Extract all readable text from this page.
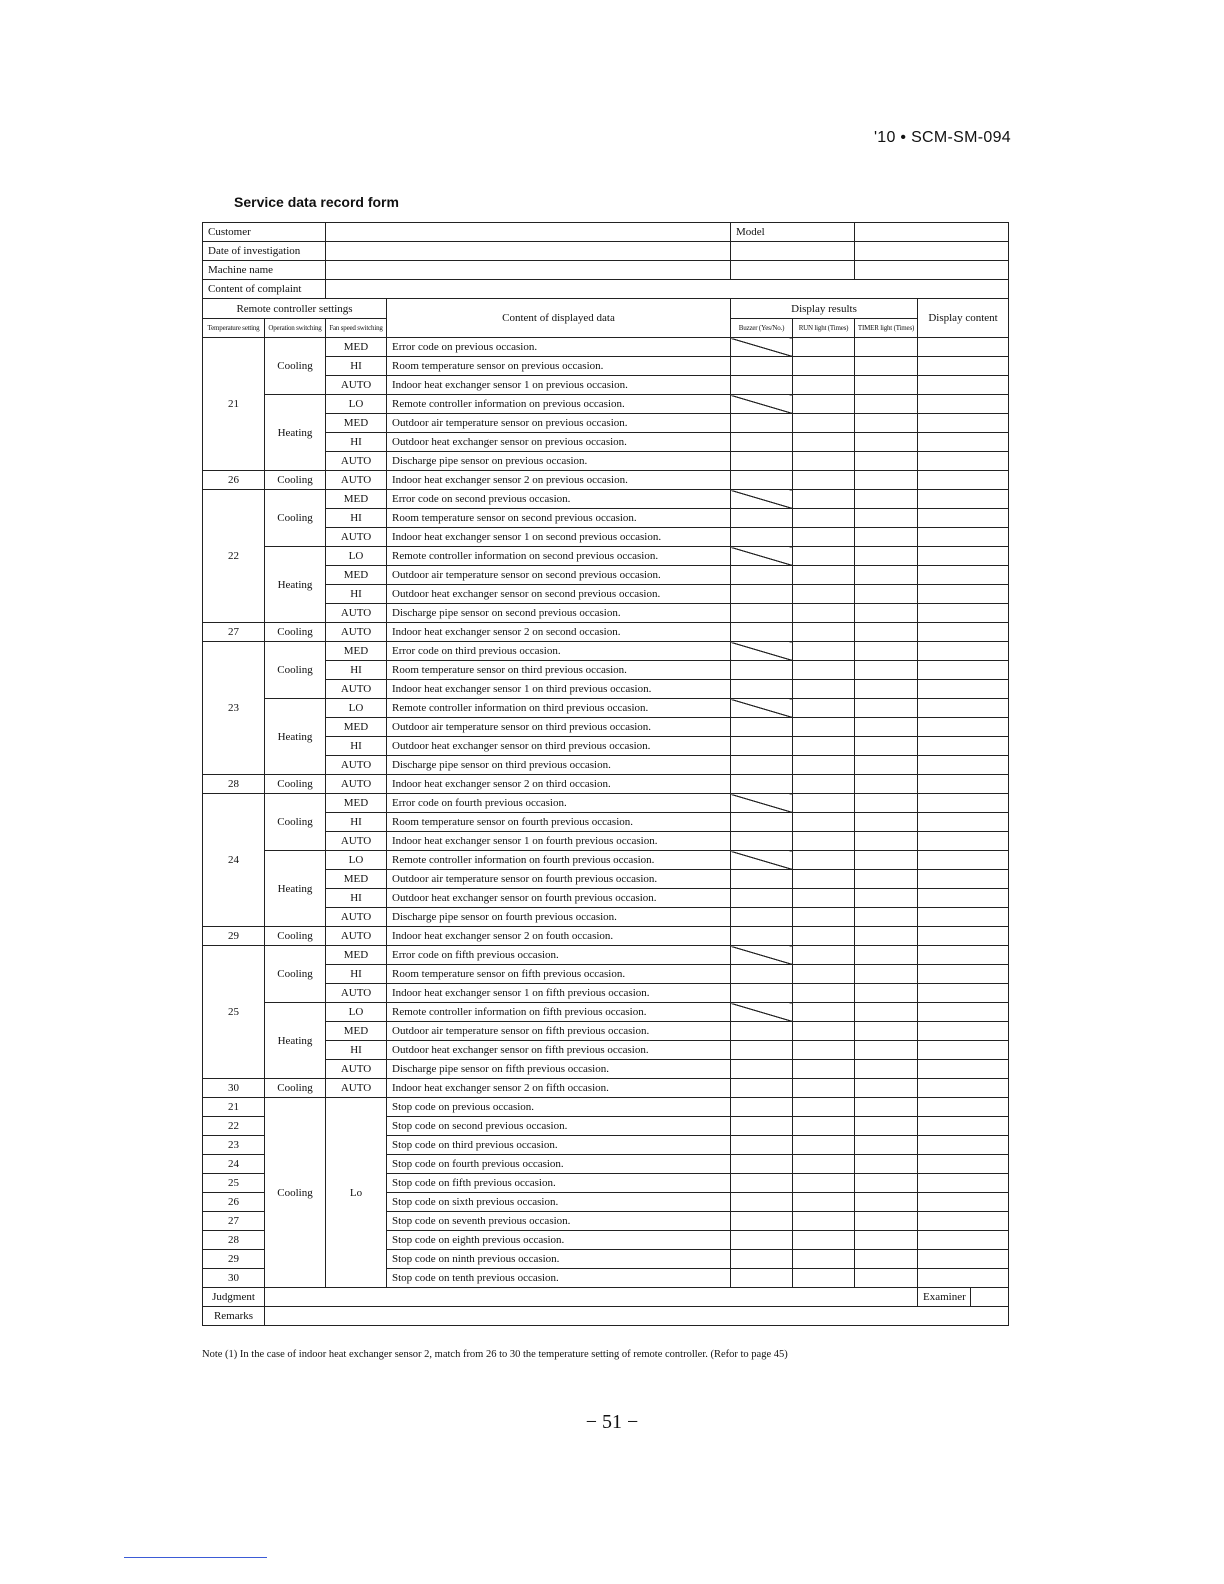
'10 • SCM-SM-094
Service data record form
Customer				Model				
Date of investigation								
Machine name								
Content of complaint								
Remote controller settings			Content of displayed data	Display results			Display content	
Temperature setting	Operation switching	Fan speed switching		Buzzer (Yes/No.)	RUN light (Times)	TIMER light (Times)		
21	Cooling	MED	Error code on previous occasion.					
		HI	Room temperature sensor on previous occasion.					
		AUTO	Indoor heat exchanger sensor 1 on previous occasion.					
	Heating	LO	Remote controller information on previous occasion.					
		MED	Outdoor air temperature sensor on previous occasion.					
		HI	Outdoor heat exchanger sensor on previous occasion.					
		AUTO	Discharge pipe sensor on previous occasion.					
26	Cooling	AUTO	Indoor heat exchanger sensor 2 on previous occasion.					
22	Cooling	MED	Error code on second previous occasion.					
		HI	Room temperature sensor on second previous occasion.					
		AUTO	Indoor heat exchanger sensor 1 on second previous occasion.					
	Heating	LO	Remote controller information on second previous occasion.					
		MED	Outdoor air temperature sensor on second previous occasion.					
		HI	Outdoor heat exchanger sensor on second previous occasion.					
		AUTO	Discharge pipe sensor on second previous occasion.					
27	Cooling	AUTO	Indoor heat exchanger sensor 2 on second occasion.					
23	Cooling	MED	Error code on third previous occasion.					
		HI	Room temperature sensor on third previous occasion.					
		AUTO	Indoor heat exchanger sensor 1 on third previous occasion.					
	Heating	LO	Remote controller information on third previous occasion.					
		MED	Outdoor air temperature sensor on third previous occasion.					
		HI	Outdoor heat exchanger sensor on third previous occasion.					
		AUTO	Discharge pipe sensor on third previous occasion.					
28	Cooling	AUTO	Indoor heat exchanger sensor 2 on third occasion.					
24	Cooling	MED	Error code on fourth previous occasion.					
		HI	Room temperature sensor on fourth previous occasion.					
		AUTO	Indoor heat exchanger sensor 1 on fourth previous occasion.					
	Heating	LO	Remote controller information on fourth previous occasion.					
		MED	Outdoor air temperature sensor on fourth previous occasion.					
		HI	Outdoor heat exchanger sensor on fourth previous occasion.					
		AUTO	Discharge pipe sensor on fourth previous occasion.					
29	Cooling	AUTO	Indoor heat exchanger sensor 2 on fouth occasion.					
25	Cooling	MED	Error code on fifth previous occasion.					
		HI	Room temperature sensor on fifth previous occasion.					
		AUTO	Indoor heat exchanger sensor 1 on fifth previous occasion.					
	Heating	LO	Remote controller information on fifth previous occasion.					
		MED	Outdoor air temperature sensor on fifth previous occasion.					
		HI	Outdoor heat exchanger sensor on fifth previous occasion.					
		AUTO	Discharge pipe sensor on fifth previous occasion.					
30	Cooling	AUTO	Indoor heat exchanger sensor 2 on fifth occasion.					
21	Cooling	Lo	Stop code on previous occasion.					
22			Stop code on second previous occasion.					
23			Stop code on third previous occasion.					
24			Stop code on fourth previous occasion.					
25			Stop code on fifth previous occasion.					
26			Stop code on sixth previous occasion.					
27			Stop code on seventh previous occasion.					
28			Stop code on eighth previous occasion.					
29			Stop code on ninth previous occasion.					
30			Stop code on tenth previous occasion.					
Judgment							Examiner	
Remarks								
Note (1) In the case of indoor heat exchanger sensor 2, match from 26 to 30 the temperature setting of remote controller. (Refor to page 45)
− 51 −
